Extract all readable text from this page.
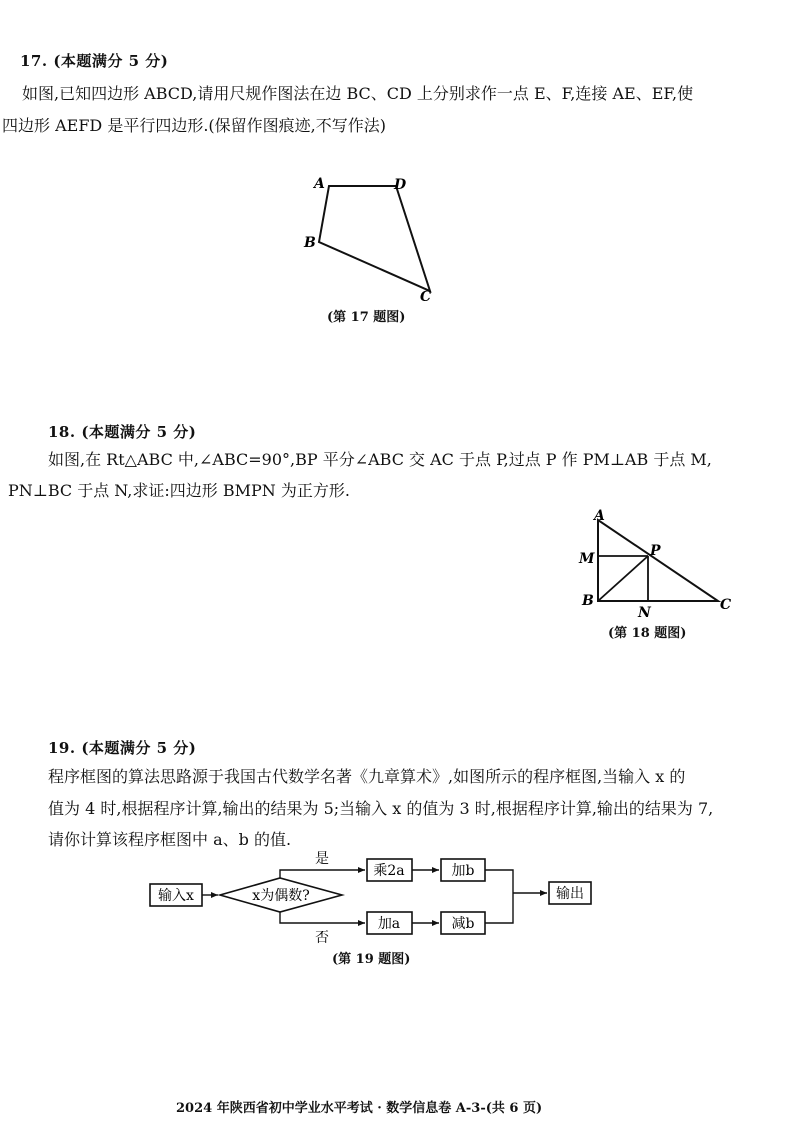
17. (本题满分 5 分)
如图,已知四边形 ABCD,请用尺规作图法在边 BC、CD 上分别求作一点 E、F,连接 AE、EF,使
四边形 AEFD 是平行四边形.(保留作图痕迹,不写作法)
A	D
B
C
(第 17 题图)
18. (本题满分 5 分)
如图,在 Rt△ABC 中,∠ABC=90°,BP 平分∠ABC 交 AC 于点 P,过点 P 作 PM⊥AB 于点 M,
PN⊥BC 于点 N,求证:四边形 BMPN 为正方形.
A
M	P
B
N	C
(第 18 题图)
19. (本题满分 5 分)
程序框图的算法思路源于我国古代数学名著《九章算术》,如图所示的程序框图,当输入 x 的
值为 4 时,根据程序计算,输出的结果为 5;当输入 x 的值为 3 时,根据程序计算,输出的结果为 7,
请你计算该程序框图中 a、b 的值.
输入x	x为偶数?
是
乘2a	加b
否
加a	减b
输出
(第 19 题图)
2024 年陕西省初中学业水平考试 · 数学信息卷 A-3-(共 6 页)
